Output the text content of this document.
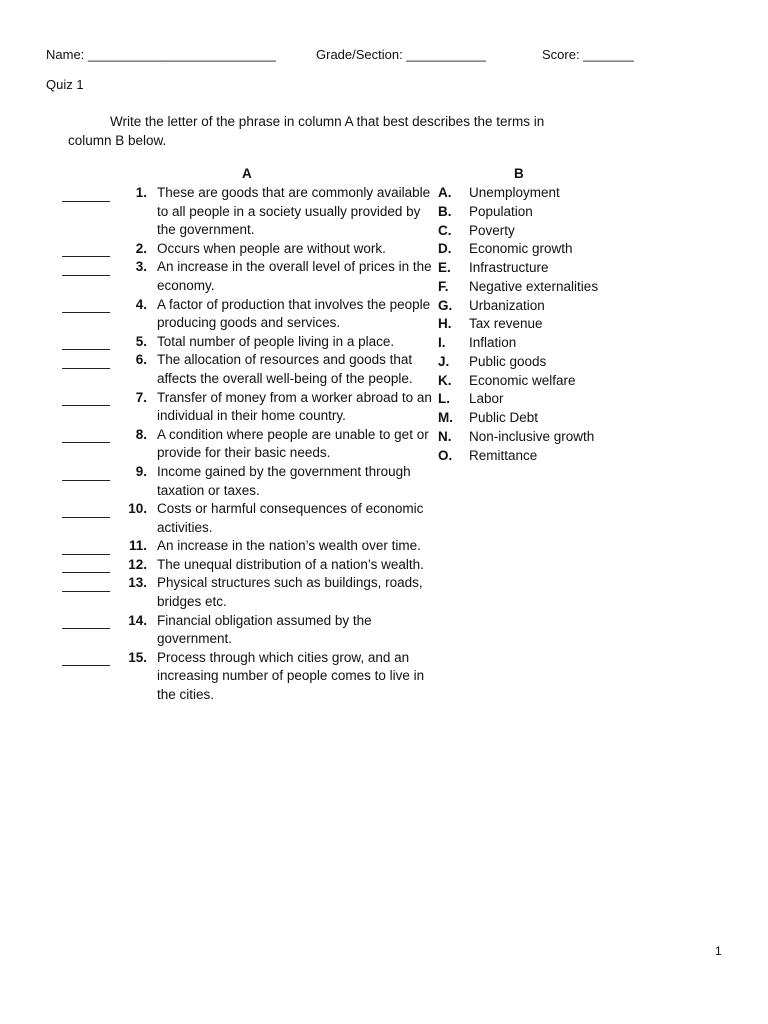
Name: __________________________	Grade/Section: ___________	Score: _______
Quiz 1
Write the letter of the phrase in column A that best describes the terms in
column B below.
A	B
1. These are goods that are commonly available to all people in a society usually provided by the government.
2. Occurs when people are without work.
3. An increase in the overall level of prices in the economy.
4. A factor of production that involves the people producing goods and services.
5. Total number of people living in a place.
6. The allocation of resources and goods that affects the overall well-being of the people.
7. Transfer of money from a worker abroad to an individual in their home country.
8. A condition where people are unable to get or provide for their basic needs.
9. Income gained by the government through taxation or taxes.
10. Costs or harmful consequences of economic activities.
11. An increase in the nation’s wealth over time.
12. The unequal distribution of a nation’s wealth.
13. Physical structures such as buildings, roads, bridges etc.
14. Financial obligation assumed by the government.
15. Process through which cities grow, and an increasing number of people comes to live in the cities.
A.	Unemployment
B.	Population
C.	Poverty
D.	Economic growth
E.	Infrastructure
F.	Negative externalities
G.	Urbanization
H.	Tax revenue
I.	Inflation
J.	Public goods
K.	Economic welfare
L.	Labor
M.	Public Debt
N.	Non-inclusive growth
O.	Remittance
1
